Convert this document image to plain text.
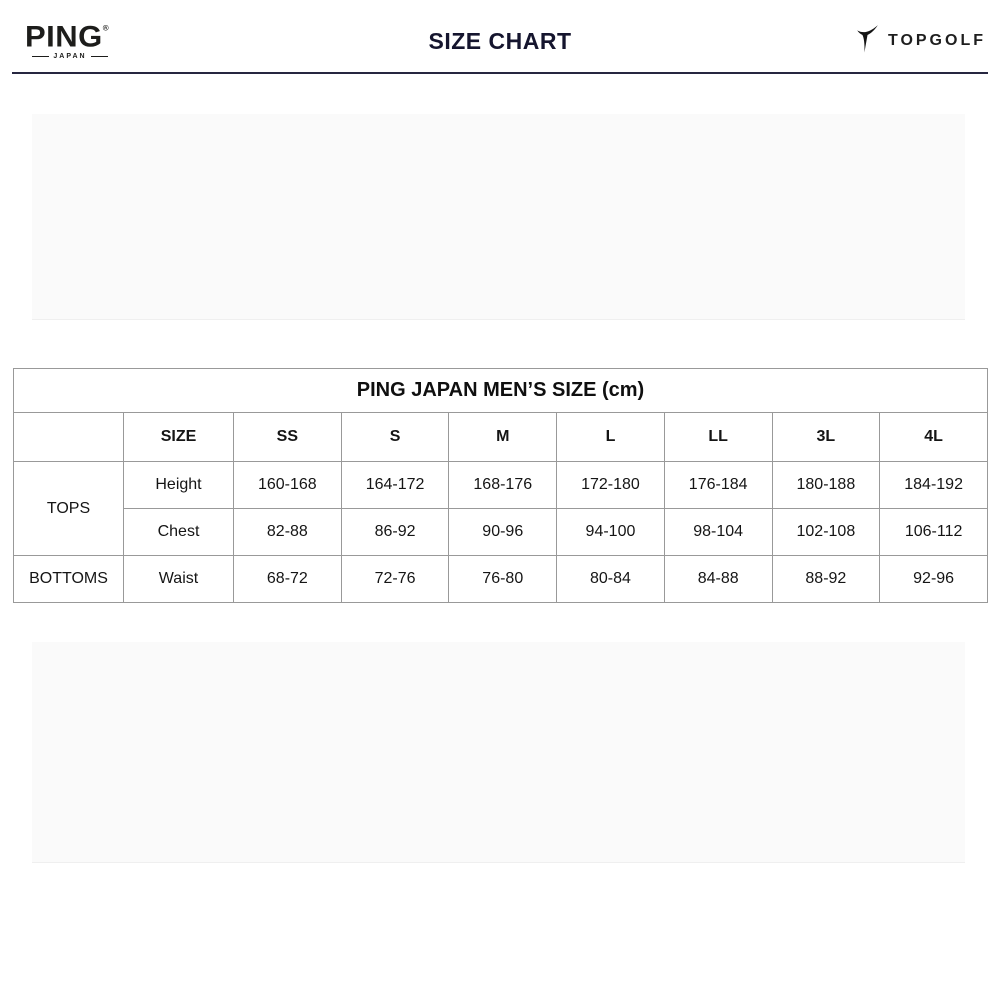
PING®
JAPAN
SIZE CHART	TOPGOLF
PING JAPAN MEN’S SIZE (cm)								
	SIZE	SS	S	M	L	LL	3L	4L
TOPS	Height	160-168	164-172	168-176	172-180	176-184	180-188	184-192
	Chest	82-88	86-92	90-96	94-100	98-104	102-108	106-112
BOTTOMS	Waist	68-72	72-76	76-80	80-84	84-88	88-92	92-96
